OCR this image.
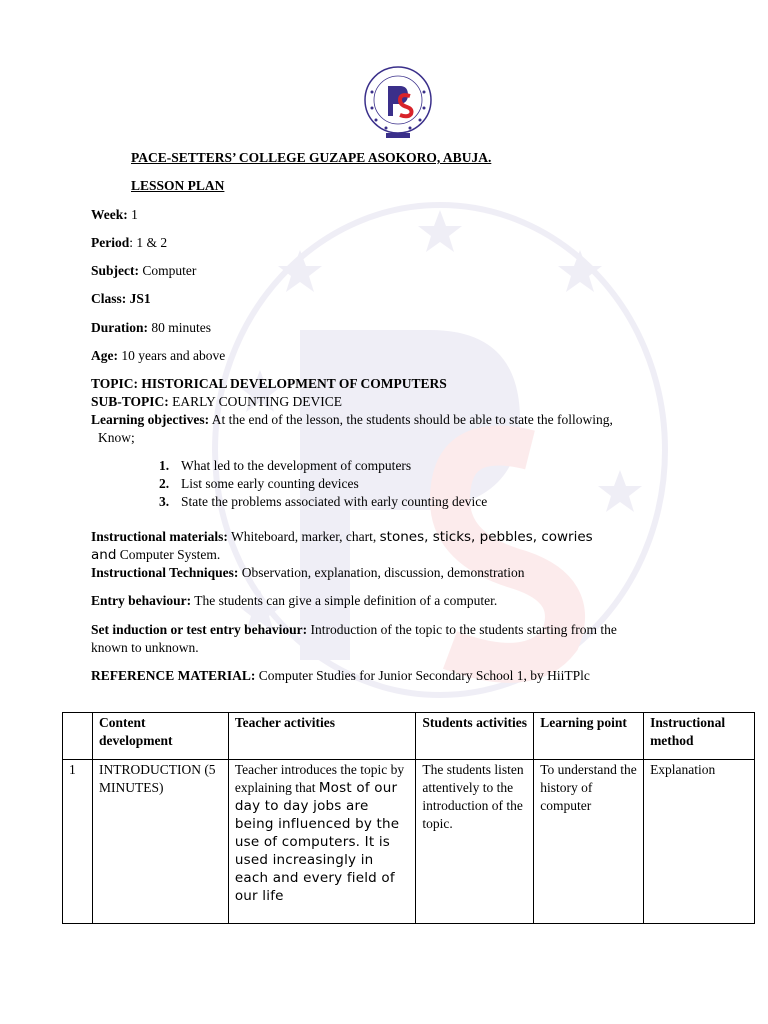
PACE-SETTERS’ COLLEGE GUZAPE ASOKORO, ABUJA.
LESSON PLAN
Week: 1
Period: 1 & 2
Subject: Computer
Class: JS1
Duration: 80 minutes
Age: 10 years and above
TOPIC: HISTORICAL DEVELOPMENT OF COMPUTERS
SUB-TOPIC: EARLY COUNTING DEVICE
Learning objectives: At the end of the lesson, the students should be able to state the following,
Know;
1. What led to the development of computers
2. List some early counting devices
3. State the problems associated with early counting device
Instructional materials: Whiteboard, marker, chart, stones, sticks, pebbles, cowries
and Computer System.
Instructional Techniques: Observation, explanation, discussion, demonstration
Entry behaviour: The students can give a simple definition of a computer.
Set induction or test entry behaviour: Introduction of the topic to the students starting from the
known to unknown.
REFERENCE MATERIAL: Computer Studies for Junior Secondary School 1, by HiiTPlc
	Content development	Teacher activities	Students activities	Learning point	Instructional method
1	INTRODUCTION (5 MINUTES)	Teacher introduces the topic by explaining that Most of our day to day jobs are being influenced by the use of computers. It is used increasingly in each and every field of our life	The students listen attentively to the introduction of the topic.	To understand the history of computer	Explanation
